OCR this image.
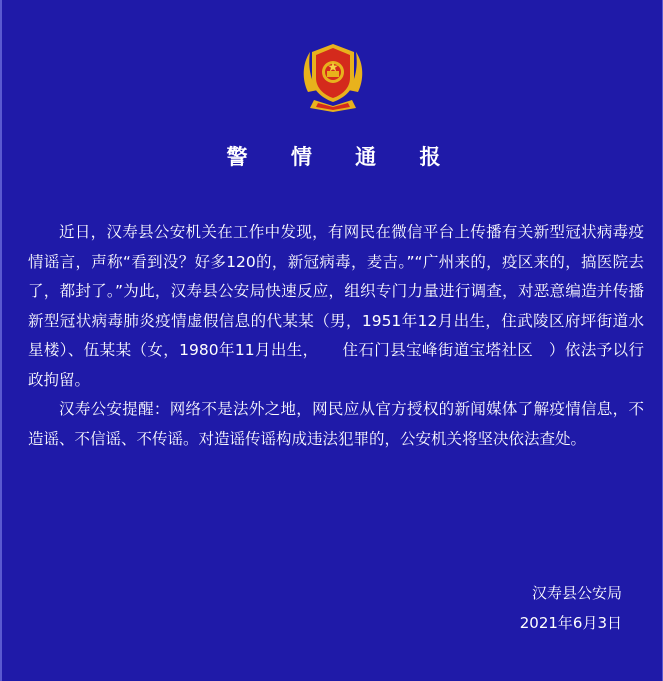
警 情 通 报

近日，汉寿县公安机关在工作中发现，有网民在微信平台上传播有关新型冠状病毒疫情谣言，声称“看到没？好多120的，新冠病毒，麦吉。”“广州来的，疫区来的，搞医院去了，都封了。”为此，汉寿县公安局快速反应，组织专门力量进行调查，对恶意编造并传播新型冠状病毒肺炎疫情虚假信息的代某某（男，1951年12月出生，住武陵区府坪街道水星楼）、伍某某（女，1980年11月出生，　　住石门县宝峰街道宝塔社区　）依法予以行政拘留。

汉寿公安提醒：网络不是法外之地，网民应从官方授权的新闻媒体了解疫情信息，不造谣、不信谣、不传谣。对造谣传谣构成违法犯罪的，公安机关将坚决依法查处。

汉寿县公安局
2021年6月3日
